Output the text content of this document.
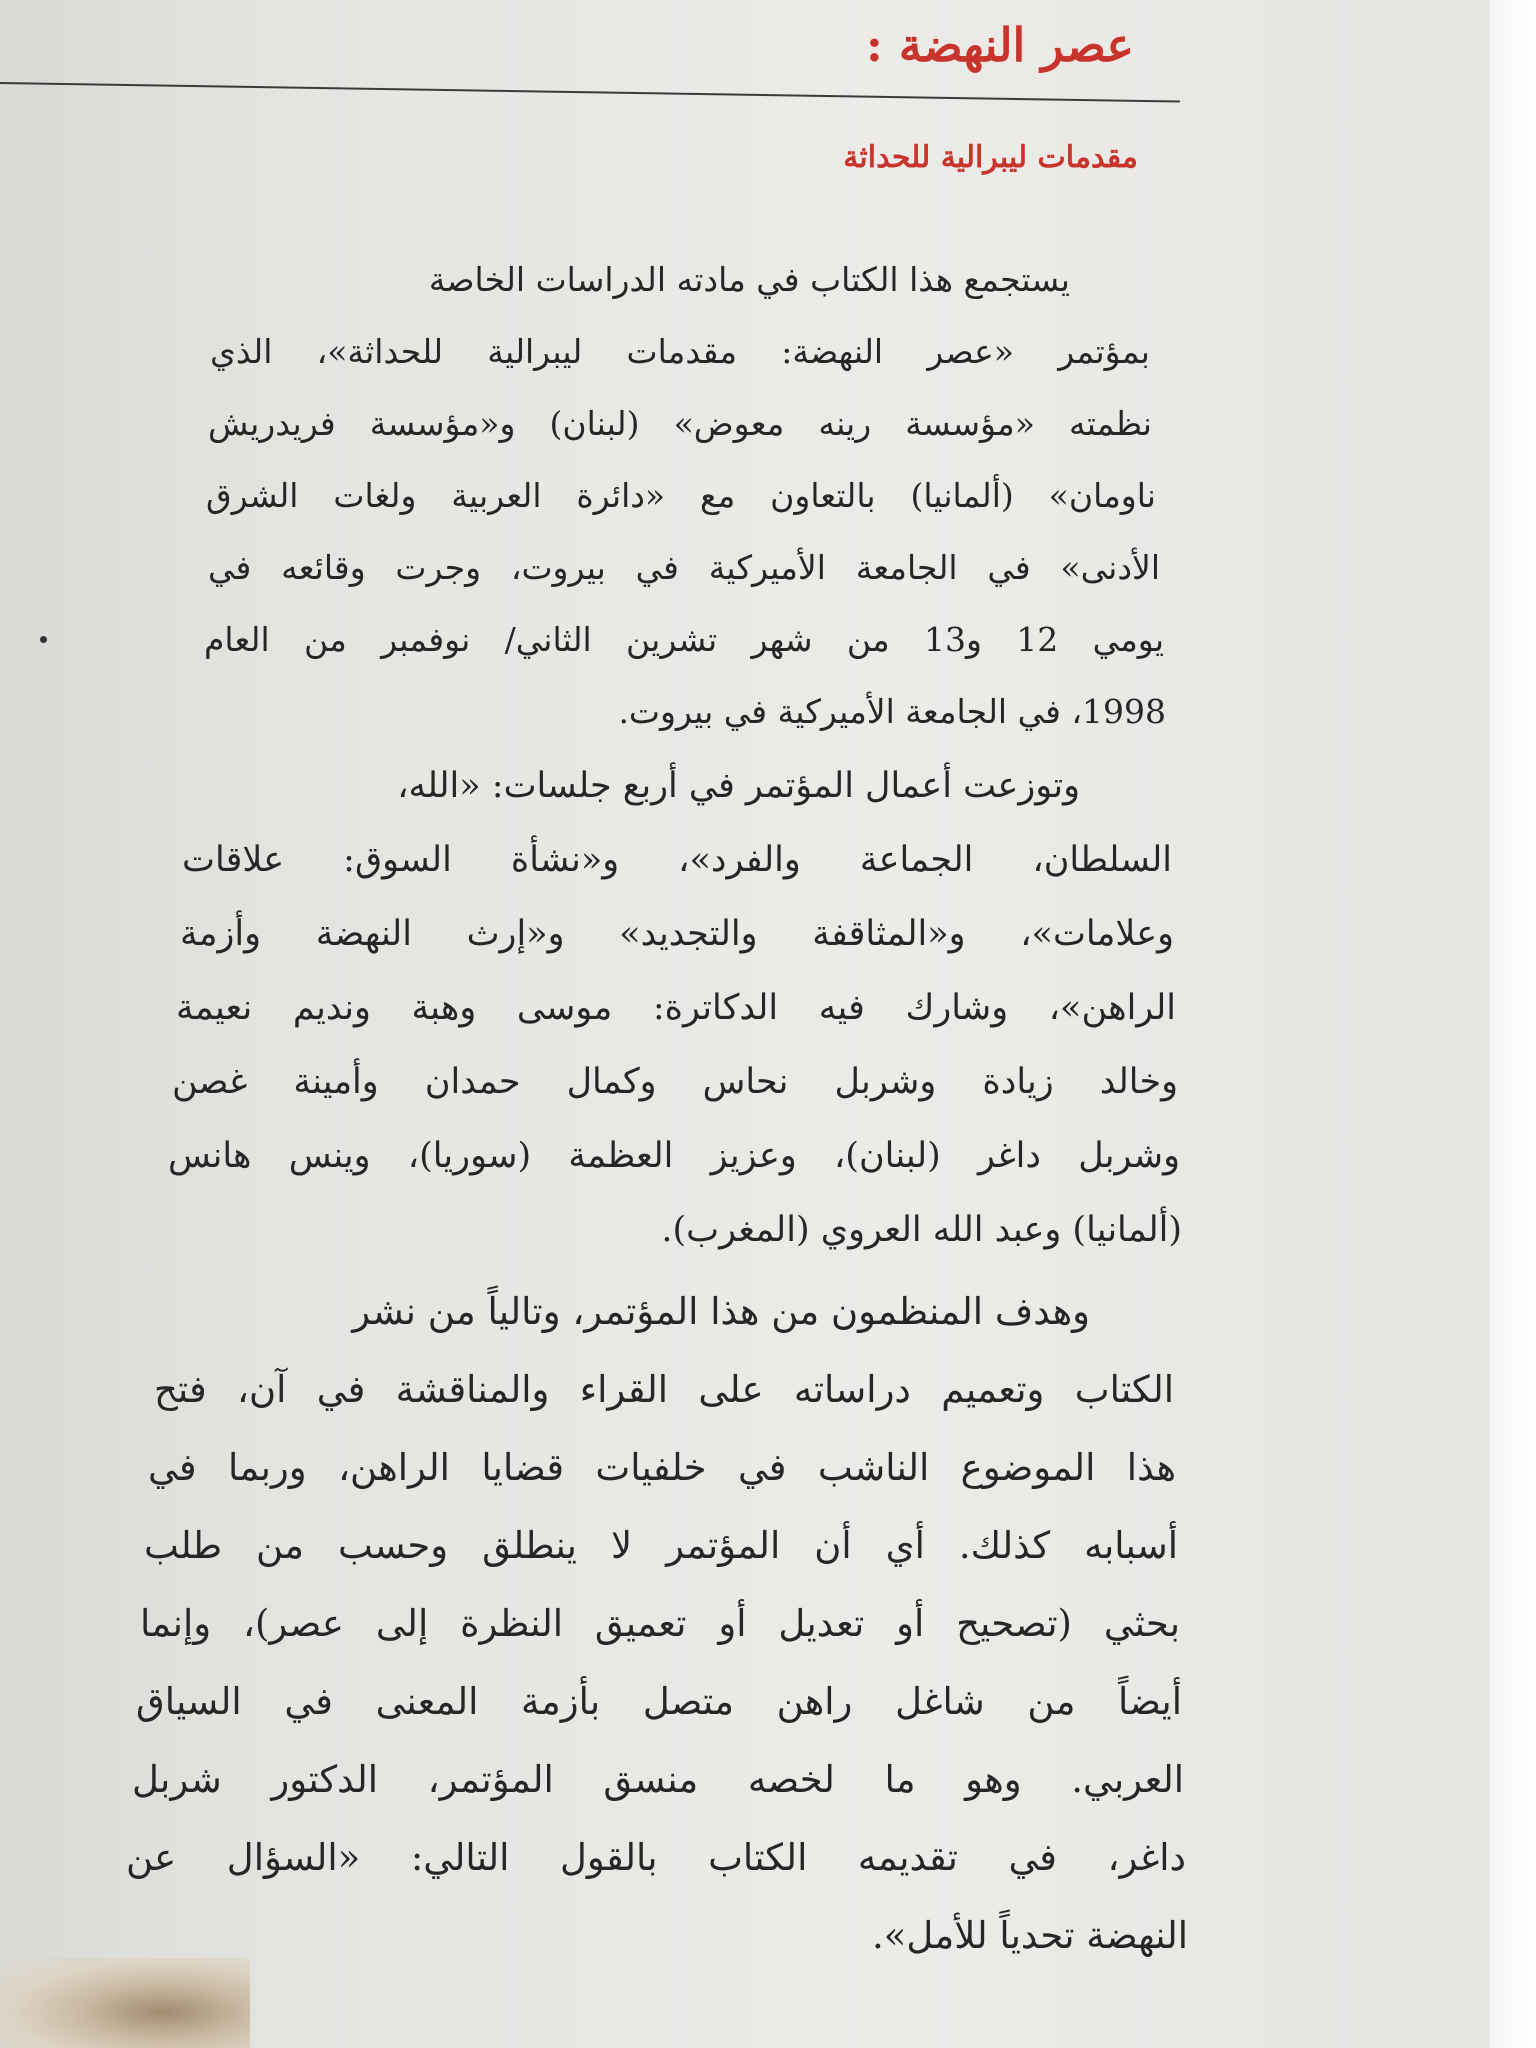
عصر النهضة :
مقدمات ليبرالية للحداثة

يستجمع هذا الكتاب في مادته الدراسات الخاصة

بمؤتمر «عصر النهضة: مقدمات ليبرالية للحداثة»، الذي

نظمته «مؤسسة رينه معوض» (لبنان) و«مؤسسة فريدريش

ناومان» (ألمانيا) بالتعاون مع «دائرة العربية ولغات الشرق

الأدنى» في الجامعة الأميركية في بيروت، وجرت وقائعه في

يومي 12 و13 من شهر تشرين الثاني/ نوفمبر من العام

1998، في الجامعة الأميركية في بيروت.

وتوزعت أعمال المؤتمر في أربع جلسات: «الله،

السلطان، الجماعة والفرد»، و«نشأة السوق: علاقات

وعلامات»، و«المثاقفة والتجديد» و«إرث النهضة وأزمة

الراهن»، وشارك فيه الدكاترة: موسى وهبة ونديم نعيمة

وخالد زيادة وشربل نحاس وكمال حمدان وأمينة غصن

وشربل داغر (لبنان)، وعزيز العظمة (سوريا)، وينس هانس

(ألمانيا) وعبد الله العروي (المغرب).

وهدف المنظمون من هذا المؤتمر، وتالياً من نشر

الكتاب وتعميم دراساته على القراء والمناقشة في آن، فتح

هذا الموضوع الناشب في خلفيات قضايا الراهن، وربما في

أسبابه كذلك. أي أن المؤتمر لا ينطلق وحسب من طلب

بحثي (تصحيح أو تعديل أو تعميق النظرة إلى عصر)، وإنما

أيضاً من شاغل راهن متصل بأزمة المعنى في السياق

العربي. وهو ما لخصه منسق المؤتمر، الدكتور شربل

داغر، في تقديمه الكتاب بالقول التالي: «السؤال عن

النهضة تحدياً للأمل».
